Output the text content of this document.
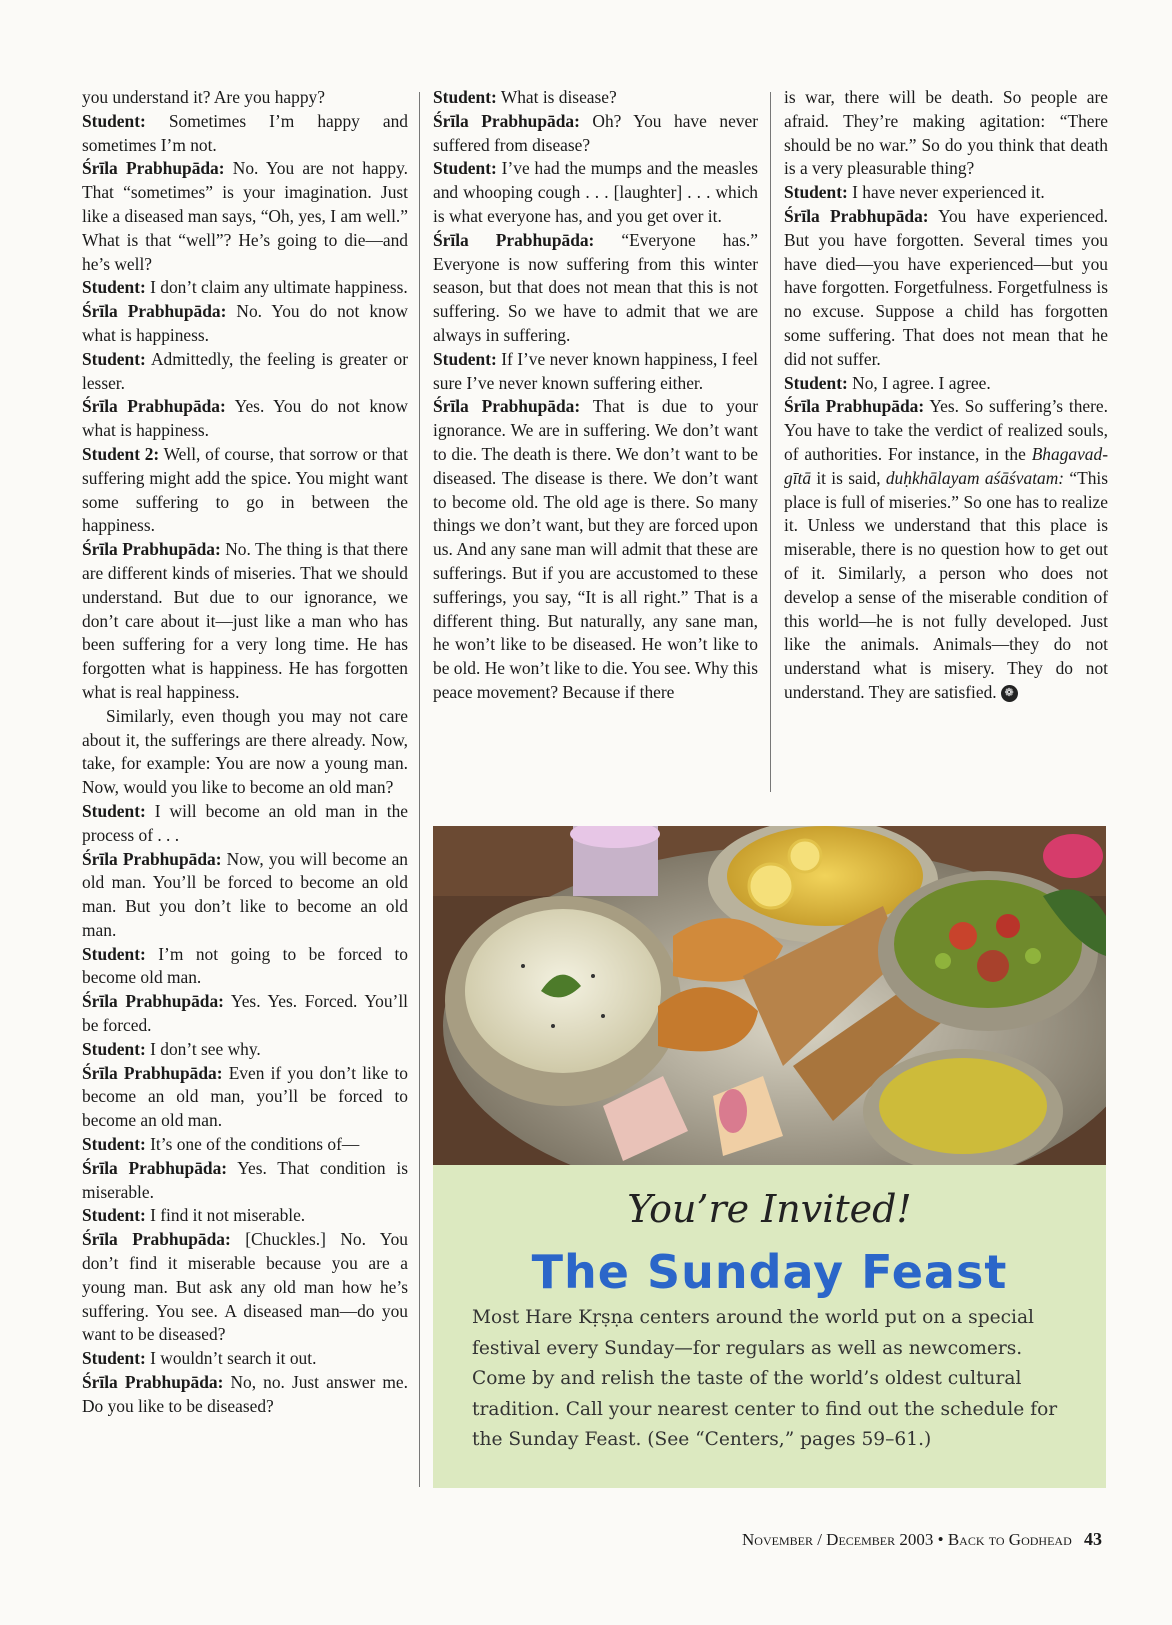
you understand it? Are you happy?

Student: Sometimes I’m happy and sometimes I’m not.

Śrīla Prabhupāda: No. You are not happy. That “sometimes” is your imagination. Just like a diseased man says, “Oh, yes, I am well.” What is that “well”? He’s going to die—and he’s well?

Student: I don’t claim any ultimate happiness.

Śrīla Prabhupāda: No. You do not know what is happiness.

Student: Admittedly, the feeling is greater or lesser.

Śrīla Prabhupāda: Yes. You do not know what is happiness.

Student 2: Well, of course, that sorrow or that suffering might add the spice. You might want some suffering to go in between the happiness.

Śrīla Prabhupāda: No. The thing is that there are different kinds of miseries. That we should understand. But due to our ignorance, we don’t care about it—just like a man who has been suffering for a very long time. He has forgotten what is happiness. He has forgotten what is real happiness.

Similarly, even though you may not care about it, the sufferings are there already. Now, take, for example: You are now a young man. Now, would you like to become an old man?

Student: I will become an old man in the process of . . .

Śrīla Prabhupāda: Now, you will become an old man. You’ll be forced to become an old man. But you don’t like to become an old man.

Student: I’m not going to be forced to become old man.

Śrīla Prabhupāda: Yes. Yes. Forced. You’ll be forced.

Student: I don’t see why.

Śrīla Prabhupāda: Even if you don’t like to become an old man, you’ll be forced to become an old man.

Student: It’s one of the conditions of—

Śrīla Prabhupāda: Yes. That condition is miserable.

Student: I find it not miserable.

Śrīla Prabhupāda: [Chuckles.] No. You don’t find it miserable because you are a young man. But ask any old man how he’s suffering. You see. A diseased man—do you want to be diseased?

Student: I wouldn’t search it out.

Śrīla Prabhupāda: No, no. Just answer me. Do you like to be diseased?

Student: What is disease?

Śrīla Prabhupāda: Oh? You have never suffered from disease?

Student: I’ve had the mumps and the measles and whooping cough . . . [laughter] . . . which is what everyone has, and you get over it.

Śrīla Prabhupāda: “Everyone has.” Everyone is now suffering from this winter season, but that does not mean that this is not suffering. So we have to admit that we are always in suffering.

Student: If I’ve never known happiness, I feel sure I’ve never known suffering either.

Śrīla Prabhupāda: That is due to your ignorance. We are in suffering. We don’t want to die. The death is there. We don’t want to be diseased. The disease is there. We don’t want to become old. The old age is there. So many things we don’t want, but they are forced upon us. And any sane man will admit that these are sufferings. But if you are accustomed to these sufferings, you say, “It is all right.” That is a different thing. But naturally, any sane man, he won’t like to be diseased. He won’t like to be old. He won’t like to die. You see. Why this peace movement? Because if there

is war, there will be death. So people are afraid. They’re making agitation: “There should be no war.” So do you think that death is a very pleasurable thing?

Student: I have never experienced it.

Śrīla Prabhupāda: You have experienced. But you have forgotten. Several times you have died—you have experienced—but you have forgotten. Forgetfulness. Forgetfulness is no excuse. Suppose a child has forgotten some suffering. That does not mean that he did not suffer.

Student: No, I agree. I agree.

Śrīla Prabhupāda: Yes. So suffering’s there. You have to take the verdict of realized souls, of authorities. For instance, in the Bhagavad-gītā it is said, duḥkhālayam aśāśvatam: “This place is full of miseries.” So one has to realize it. Unless we understand that this place is miserable, there is no question how to get out of it. Similarly, a person who does not develop a sense of the miserable condition of this world—he is not fully developed. Just like the animals. Animals—they do not understand what is misery. They do not understand. They are satisfied. ❁

You’re Invited!
The Sunday Feast
Most Hare Kṛṣṇa centers around the world put on a special festival every Sunday—for regulars as well as newcomers. Come by and relish the taste of the world’s oldest cultural tradition. Call your nearest center to find out the schedule for the Sunday Feast. (See “Centers,” pages 59–61.)
November / December 2003 • Back to Godhead 43
